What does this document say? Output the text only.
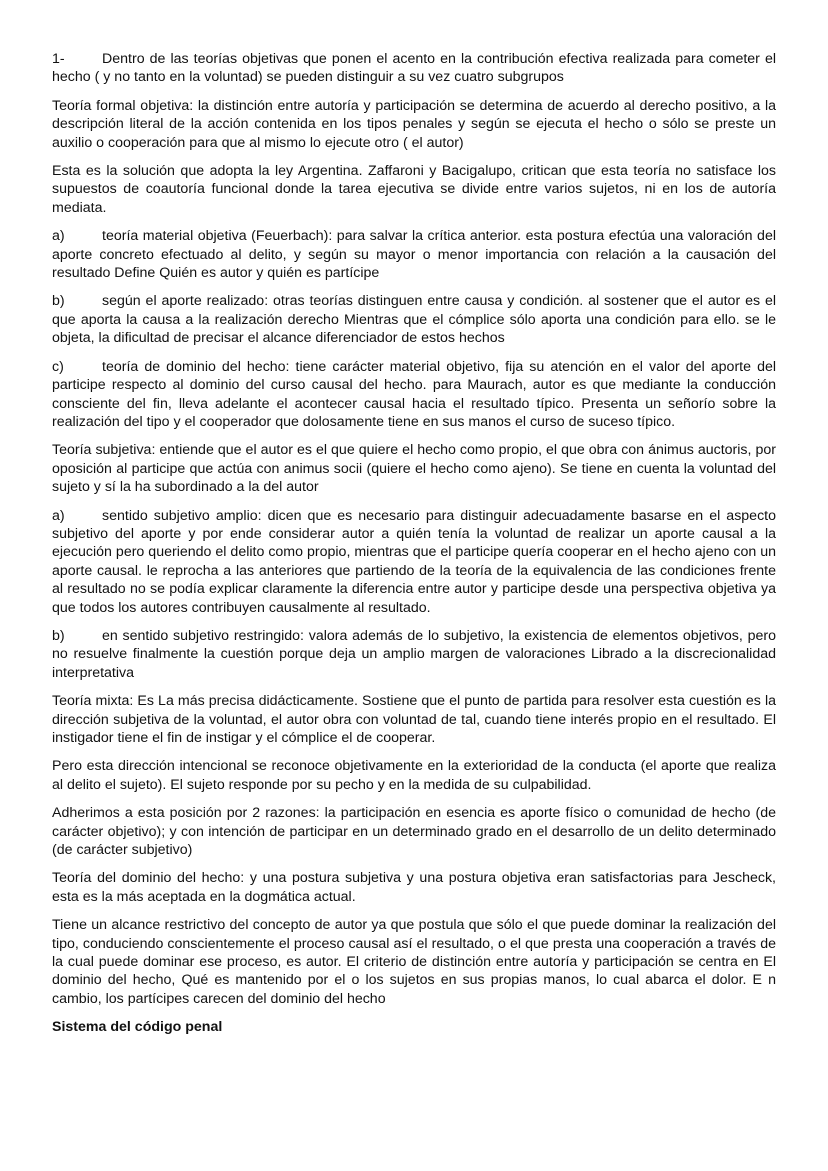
1-	Dentro de las teorías objetivas que ponen el acento en la contribución efectiva realizada para cometer el hecho ( y no tanto en la voluntad) se pueden distinguir a su vez cuatro subgrupos

Teoría formal objetiva: la distinción entre autoría y participación se determina de acuerdo al derecho positivo, a la descripción literal de la acción contenida en los tipos penales y según se ejecuta el hecho o sólo se preste un auxilio o cooperación para que al mismo lo ejecute otro ( el autor)

Esta es la solución que adopta la ley Argentina. Zaffaroni y Bacigalupo, critican que esta teoría no satisface los supuestos de coautoría funcional donde la tarea ejecutiva se divide entre varios sujetos, ni en los de autoría mediata.

a)	teoría material objetiva (Feuerbach): para salvar la crítica anterior. esta postura efectúa una valoración del aporte concreto efectuado al delito, y según su mayor o menor importancia con relación a la causación del resultado Define Quién es autor y quién es partícipe

b)	según el aporte realizado: otras teorías distinguen entre causa y condición. al sostener que el autor es el que aporta la causa a la realización derecho Mientras que el cómplice sólo aporta una condición para ello. se le objeta, la dificultad de precisar el alcance diferenciador de estos hechos

c)	teoría de dominio del hecho: tiene carácter material objetivo, fija su atención en el valor del aporte del participe respecto al dominio del curso causal del hecho. para Maurach, autor es que mediante la conducción consciente del fin, lleva adelante el acontecer causal hacia el resultado típico. Presenta un señorío sobre la realización del tipo y el cooperador que dolosamente tiene en sus manos el curso de suceso típico.

Teoría subjetiva: entiende que el autor es el que quiere el hecho como propio, el que obra con ánimus auctoris, por oposición al participe que actúa con animus socii (quiere el hecho como ajeno). Se tiene en cuenta la voluntad del sujeto y sí la ha subordinado a la del autor

a)	sentido subjetivo amplio: dicen que es necesario para distinguir adecuadamente basarse en el aspecto subjetivo del aporte y por ende considerar autor a quién tenía la voluntad de realizar un aporte causal a la ejecución pero queriendo el delito como propio, mientras que el participe quería cooperar en el hecho ajeno con un aporte causal. le reprocha a las anteriores que partiendo de la teoría de la equivalencia de las condiciones frente al resultado no se podía explicar claramente la diferencia entre autor y participe desde una perspectiva objetiva ya que todos los autores contribuyen causalmente al resultado.

b)	en sentido subjetivo restringido: valora además de lo subjetivo, la existencia de elementos objetivos, pero no resuelve finalmente la cuestión porque deja un amplio margen de valoraciones Librado a la discrecionalidad interpretativa

Teoría mixta: Es La más precisa didácticamente. Sostiene que el punto de partida para resolver esta cuestión es la dirección subjetiva de la voluntad, el autor obra con voluntad de tal, cuando tiene interés propio en el resultado. El instigador tiene el fin de instigar y el cómplice el de cooperar.

Pero esta dirección intencional se reconoce objetivamente en la exterioridad de la conducta (el aporte que realiza al delito el sujeto). El sujeto responde por su pecho y en la medida de su culpabilidad.

Adherimos a esta posición por 2 razones: la participación en esencia es aporte físico o comunidad de hecho (de carácter objetivo); y con intención de participar en un determinado grado en el desarrollo de un delito determinado (de carácter subjetivo)

Teoría del dominio del hecho: y una postura subjetiva y una postura objetiva eran satisfactorias para Jescheck, esta es la más aceptada en la dogmática actual.

Tiene un alcance restrictivo del concepto de autor ya que postula que sólo el que puede dominar la realización del tipo, conduciendo conscientemente el proceso causal así el resultado, o el que presta una cooperación a través de la cual puede dominar ese proceso, es autor. El criterio de distinción entre autoría y participación se centra en El dominio del hecho, Qué es mantenido por el o los sujetos en sus propias manos, lo cual abarca el dolor. E n cambio, los partícipes carecen del dominio del hecho

Sistema del código penal
